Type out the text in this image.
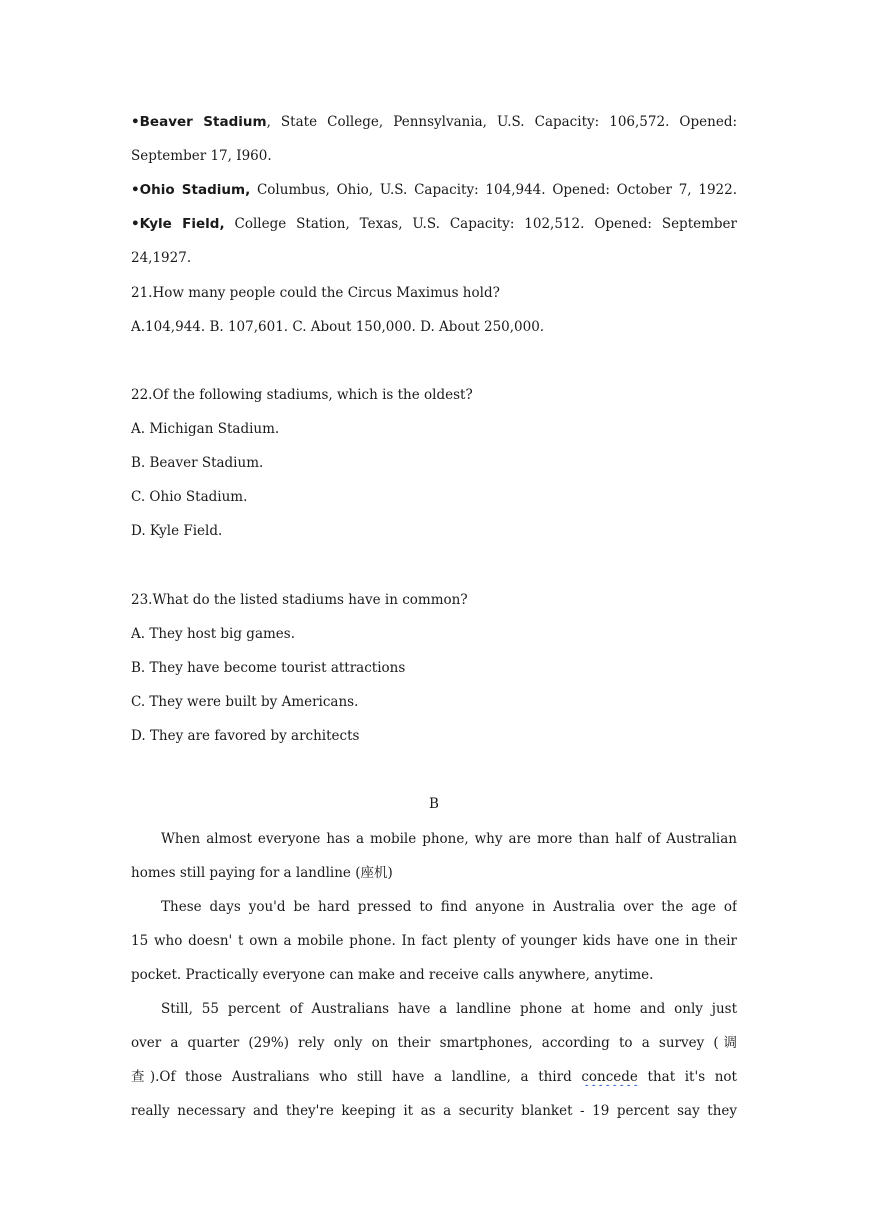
•Beaver Stadium, State College, Pennsylvania, U.S. Capacity: 106,572. Opened:
September 17, I960.
•Ohio Stadium, Columbus, Ohio, U.S. Capacity: 104,944. Opened: October 7, 1922.
•Kyle Field, College Station, Texas, U.S. Capacity: 102,512. Opened: September
24,1927.
21.How many people could the Circus Maximus hold?
A.104,944. B. 107,601. C. About 150,000. D. About 250,000.
22.Of the following stadiums, which is the oldest?
A. Michigan Stadium.
B. Beaver Stadium.
C. Ohio Stadium.
D. Kyle Field.
23.What do the listed stadiums have in common?
A. They host big games.
B. They have become tourist attractions
C. They were built by Americans.
D. They are favored by architects
B
When almost everyone has a mobile phone, why are more than half of Australian
homes still paying for a landline (座机)
These days you'd be hard pressed to find anyone in Australia over the age of
15 who doesn' t own a mobile phone. In fact plenty of younger kids have one in their
pocket. Practically everyone can make and receive calls anywhere, anytime.
Still, 55 percent of Australians have a landline phone at home and only just
over a quarter (29%) rely only on their smartphones, according to a survey (调
查).Of those Australians who still have a landline, a third concede that it's not
really necessary and they're keeping it as a security blanket - 19 percent say they
